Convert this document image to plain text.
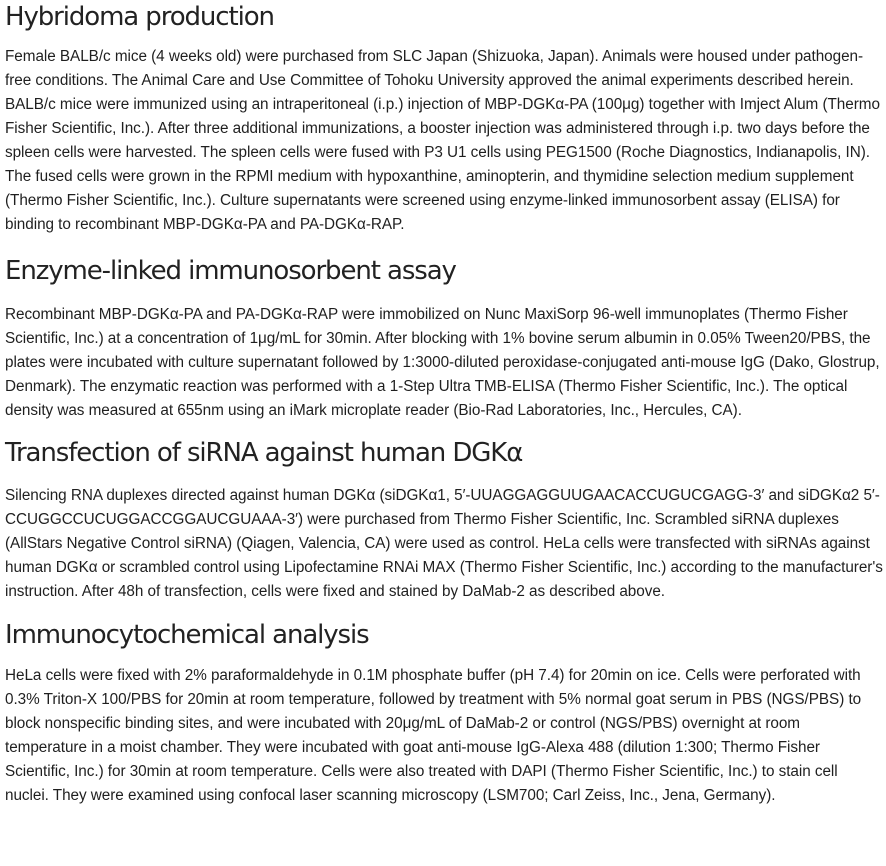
Hybridoma production

Female BALB/c mice (4 weeks old) were purchased from SLC Japan (Shizuoka, Japan). Animals were housed under pathogen-free conditions. The Animal Care and Use Committee of Tohoku University approved the animal experiments described herein. BALB/c mice were immunized using an intraperitoneal (i.p.) injection of MBP-DGKα-PA (100μg) together with Imject Alum (Thermo Fisher Scientific, Inc.). After three additional immunizations, a booster injection was administered through i.p. two days before the spleen cells were harvested. The spleen cells were fused with P3 U1 cells using PEG1500 (Roche Diagnostics, Indianapolis, IN). The fused cells were grown in the RPMI medium with hypoxanthine, aminopterin, and thymidine selection medium supplement (Thermo Fisher Scientific, Inc.). Culture supernatants were screened using enzyme-linked immunosorbent assay (ELISA) for binding to recombinant MBP-DGKα-PA and PA-DGKα-RAP.

Enzyme-linked immunosorbent assay

Recombinant MBP-DGKα-PA and PA-DGKα-RAP were immobilized on Nunc MaxiSorp 96-well immunoplates (Thermo Fisher Scientific, Inc.) at a concentration of 1μg/mL for 30min. After blocking with 1% bovine serum albumin in 0.05% Tween20/PBS, the plates were incubated with culture supernatant followed by 1:3000-diluted peroxidase-conjugated anti-mouse IgG (Dako, Glostrup, Denmark). The enzymatic reaction was performed with a 1-Step Ultra TMB-ELISA (Thermo Fisher Scientific, Inc.). The optical density was measured at 655nm using an iMark microplate reader (Bio-Rad Laboratories, Inc., Hercules, CA).

Transfection of siRNA against human DGKα

Silencing RNA duplexes directed against human DGKα (siDGKα1, 5′-UUAGGAGGUUGAACACCUGUCGAGG-3′ and siDGKα2 5′-CCUGGCCUCUGGACCGGAUCGUAAA-3′) were purchased from Thermo Fisher Scientific, Inc. Scrambled siRNA duplexes (AllStars Negative Control siRNA) (Qiagen, Valencia, CA) were used as control. HeLa cells were transfected with siRNAs against human DGKα or scrambled control using Lipofectamine RNAi MAX (Thermo Fisher Scientific, Inc.) according to the manufacturer's instruction. After 48h of transfection, cells were fixed and stained by DaMab-2 as described above.

Immunocytochemical analysis

HeLa cells were fixed with 2% paraformaldehyde in 0.1M phosphate buffer (pH 7.4) for 20min on ice. Cells were perforated with 0.3% Triton-X 100/PBS for 20min at room temperature, followed by treatment with 5% normal goat serum in PBS (NGS/PBS) to block nonspecific binding sites, and were incubated with 20μg/mL of DaMab-2 or control (NGS/PBS) overnight at room temperature in a moist chamber. They were incubated with goat anti-mouse IgG-Alexa 488 (dilution 1:300; Thermo Fisher Scientific, Inc.) for 30min at room temperature. Cells were also treated with DAPI (Thermo Fisher Scientific, Inc.) to stain cell nuclei. They were examined using confocal laser scanning microscopy (LSM700; Carl Zeiss, Inc., Jena, Germany).
